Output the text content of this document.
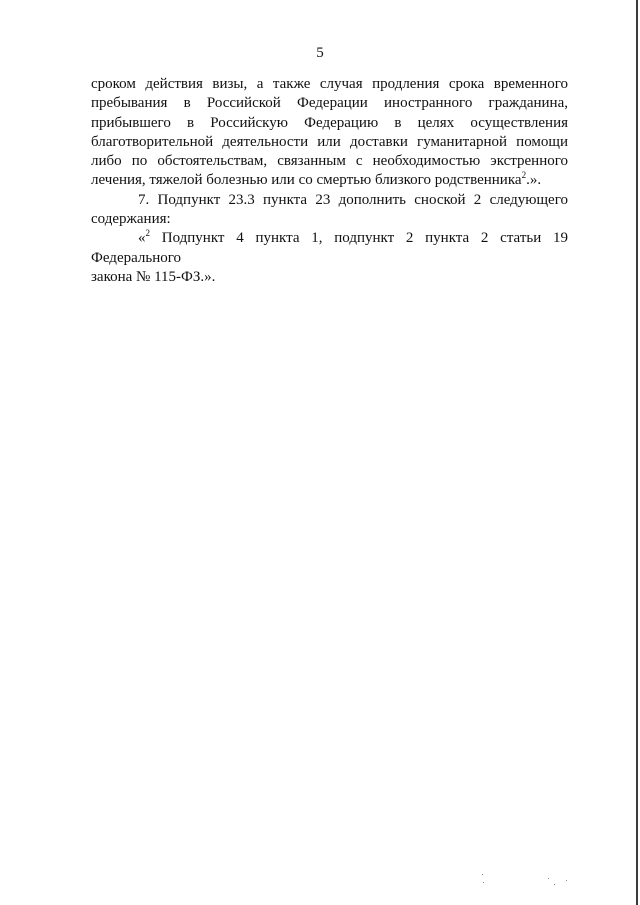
5
сроком действия визы, а также случая продления срока временного
пребывания в Российской Федерации иностранного гражданина,
прибывшего в Российскую Федерацию в целях осуществления
благотворительной деятельности или доставки гуманитарной помощи
либо по обстоятельствам, связанным с необходимостью экстренного
лечения, тяжелой болезнью или со смертью близкого родственника$^2$.».
7. Подпункт 23.3 пункта 23 дополнить сноской 2 следующего
содержания:
«$^2$ Подпункт 4 пункта 1, подпункт 2 пункта 2 статьи 19 Федерального
закона № 115-ФЗ.».
